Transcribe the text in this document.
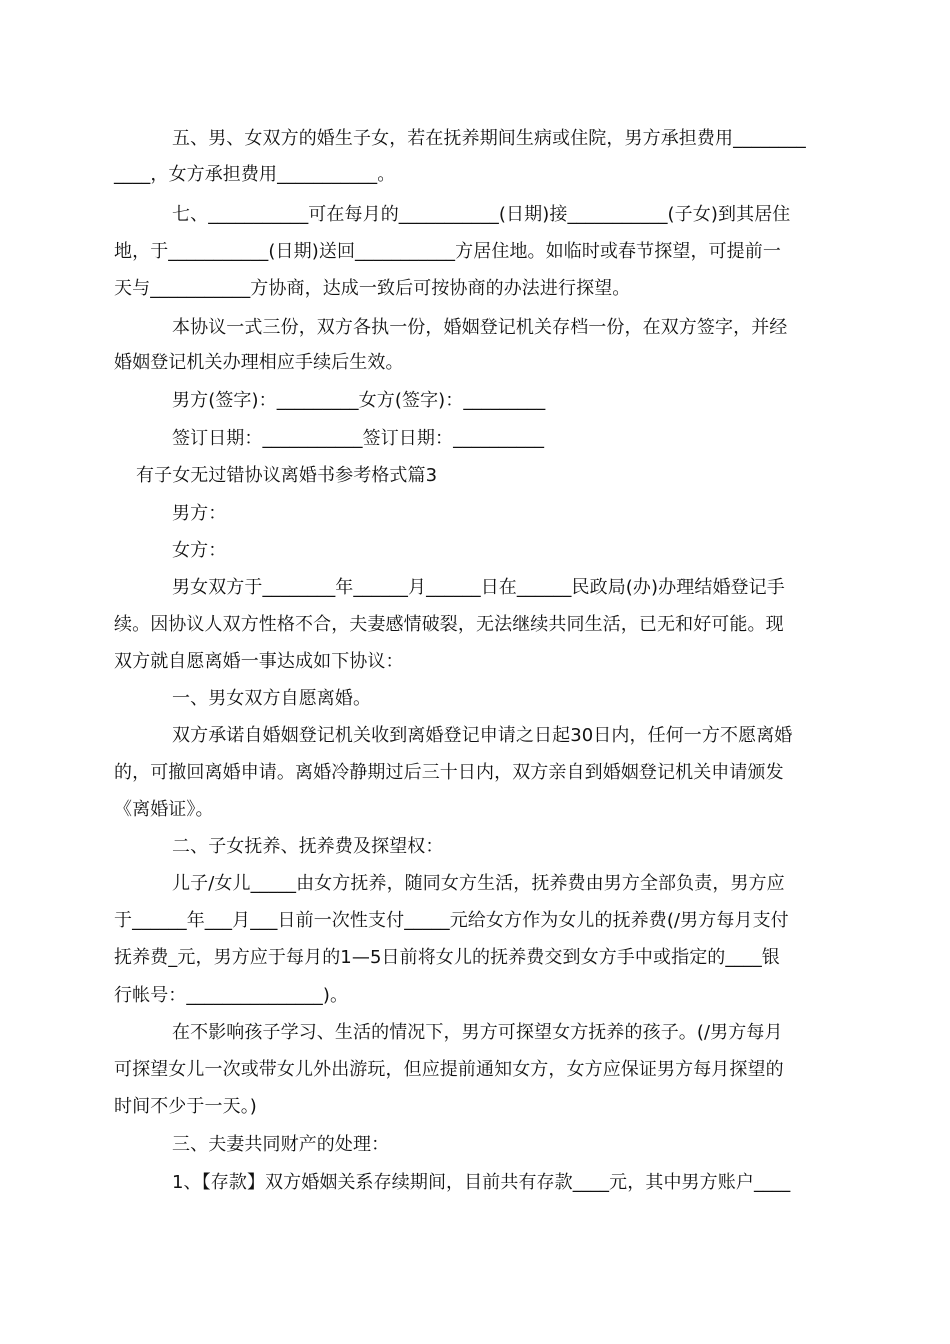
五、男、女双方的婚生子女，若在抚养期间生病或住院，男方承担费用________
____，女方承担费用___________。
七、___________可在每月的___________(日期)接___________(子女)到其居住
地，于___________(日期)送回___________方居住地。如临时或春节探望，可提前一
天与___________方协商，达成一致后可按协商的办法进行探望。
本协议一式三份，双方各执一份，婚姻登记机关存档一份，在双方签字，并经
婚姻登记机关办理相应手续后生效。
男方(签字)：_________女方(签字)：_________
签订日期：___________签订日期：__________
有子女无过错协议离婚书参考格式篇3
男方：
女方：
男女双方于________年______月______日在______民政局(办)办理结婚登记手
续。因协议人双方性格不合，夫妻感情破裂，无法继续共同生活，已无和好可能。现
双方就自愿离婚一事达成如下协议：
一、男女双方自愿离婚。
双方承诺自婚姻登记机关收到离婚登记申请之日起30日内，任何一方不愿离婚
的，可撤回离婚申请。离婚冷静期过后三十日内，双方亲自到婚姻登记机关申请颁发
《离婚证》。
二、子女抚养、抚养费及探望权：
儿子/女儿_____由女方抚养，随同女方生活，抚养费由男方全部负责，男方应
于______年___月___日前一次性支付_____元给女方作为女儿的抚养费(/男方每月支付
抚养费_元，男方应于每月的1—5日前将女儿的抚养费交到女方手中或指定的____银
行帐号：_______________)。
在不影响孩子学习、生活的情况下，男方可探望女方抚养的孩子。(/男方每月
可探望女儿一次或带女儿外出游玩，但应提前通知女方，女方应保证男方每月探望的
时间不少于一天。)
三、夫妻共同财产的处理：
1、【存款】双方婚姻关系存续期间，目前共有存款____元，其中男方账户____
